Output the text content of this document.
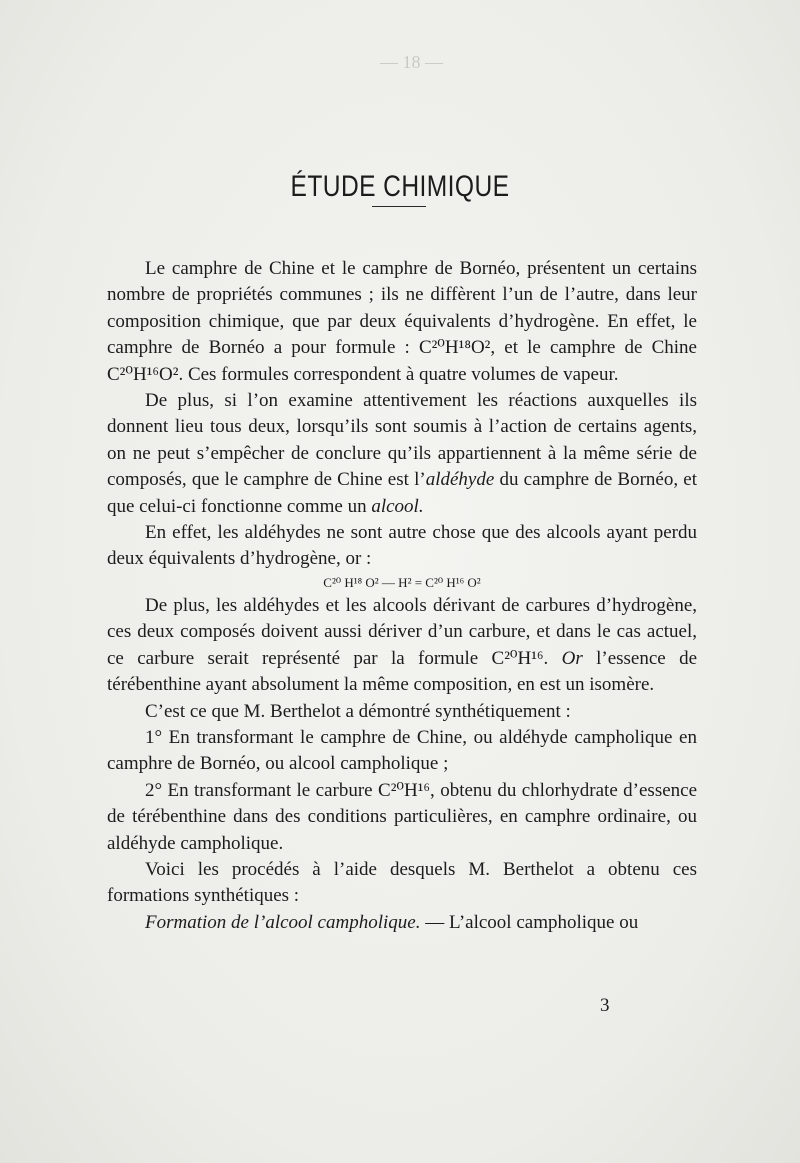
— 18 —
ÉTUDE CHIMIQUE

Le camphre de Chine et le camphre de Bornéo, présentent un certains nombre de propriétés communes ; ils ne diffèrent l’un de l’autre, dans leur composition chimique, que par deux équivalents d’hydrogène. En effet, le camphre de Bornéo a pour formule : C²⁰H¹⁸O², et le camphre de Chine C²⁰H¹⁶O². Ces formules correspondent à quatre volumes de vapeur.

De plus, si l’on examine attentivement les réactions auxquelles ils donnent lieu tous deux, lorsqu’ils sont soumis à l’action de certains agents, on ne peut s’empêcher de conclure qu’ils appartiennent à la même série de composés, que le camphre de Chine est l’aldéhyde du camphre de Bornéo, et que celui-ci fonctionne comme un alcool.

En effet, les aldéhydes ne sont autre chose que des alcools ayant perdu deux équivalents d’hydrogène, or :

C²⁰ H¹⁸ O² — H² = C²⁰ H¹⁶ O²

De plus, les aldéhydes et les alcools dérivant de carbures d’hydrogène, ces deux composés doivent aussi dériver d’un carbure, et dans le cas actuel, ce carbure serait représenté par la formule C²⁰H¹⁶. Or l’essence de térébenthine ayant absolument la même composition, en est un isomère.

C’est ce que M. Berthelot a démontré synthétiquement :

1° En transformant le camphre de Chine, ou aldéhyde campholique en camphre de Bornéo, ou alcool campholique ;

2° En transformant le carbure C²⁰H¹⁶, obtenu du chlorhydrate d’essence de térébenthine dans des conditions particulières, en camphre ordinaire, ou aldéhyde campholique.

Voici les procédés à l’aide desquels M. Berthelot a obtenu ces formations synthétiques :

Formation de l’alcool campholique. — L’alcool campholique ou

3
